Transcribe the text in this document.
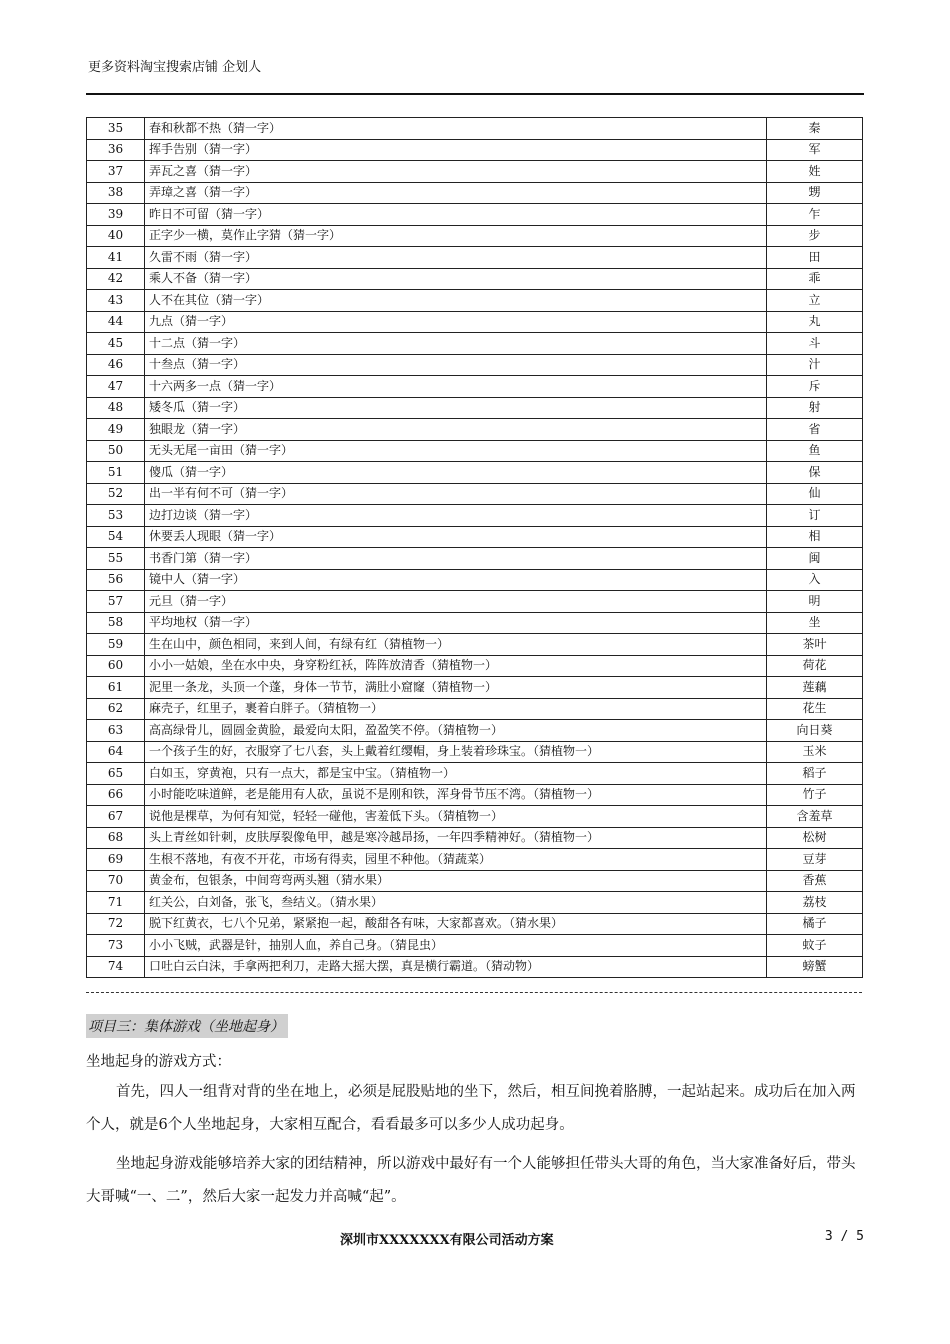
更多资料淘宝搜索店铺 企划人
35	春和秋都不热（猜一字）	秦
36	挥手告别（猜一字）	军
37	弄瓦之喜（猜一字）	姓
38	弄璋之喜（猜一字）	甥
39	昨日不可留（猜一字）	乍
40	正字少一横，莫作止字猜（猜一字）	步
41	久雷不雨（猜一字）	田
42	乘人不备（猜一字）	乖
43	人不在其位（猜一字）	立
44	九点（猜一字）	丸
45	十二点（猜一字）	斗
46	十叁点（猜一字）	汁
47	十六两多一点（猜一字）	斥
48	矮冬瓜（猜一字）	射
49	独眼龙（猜一字）	省
50	无头无尾一亩田（猜一字）	鱼
51	傻瓜（猜一字）	保
52	出一半有何不可（猜一字）	仙
53	边打边谈（猜一字）	订
54	休要丢人现眼（猜一字）	相
55	书香门第（猜一字）	闽
56	镜中人（猜一字）	入
57	元旦（猜一字）	明
58	平均地权（猜一字）	坐
59	生在山中，颜色相同，来到人间，有绿有红（猜植物一）	茶叶
60	小小一姑娘，坐在水中央，身穿粉红袄，阵阵放清香（猜植物一）	荷花
61	泥里一条龙，头顶一个蓬，身体一节节，满肚小窟窿（猜植物一）	莲藕
62	麻壳子，红里子，裹着白胖子。（猜植物一）	花生
63	高高绿骨儿，圆圆金黄脸，最爱向太阳，盈盈笑不停。（猜植物一）	向日葵
64	一个孩子生的好，衣服穿了七八套，头上戴着红缨帽，身上装着珍珠宝。（猜植物一）	玉米
65	白如玉，穿黄袍，只有一点大，都是宝中宝。（猜植物一）	稻子
66	小时能吃味道鲜，老是能用有人砍，虽说不是刚和铁，浑身骨节压不湾。（猜植物一）	竹子
67	说他是棵草，为何有知觉，轻轻一碰他，害羞低下头。（猜植物一）	含羞草
68	头上青丝如针刺，皮肤厚裂像龟甲，越是寒冷越昂扬，一年四季精神好。（猜植物一）	松树
69	生根不落地，有夜不开花，市场有得卖，园里不种他。（猜蔬菜）	豆芽
70	黄金布，包银条，中间弯弯两头翘（猜水果）	香蕉
71	红关公，白刘备，张飞，叁结义。（猜水果）	荔枝
72	脱下红黄衣，七八个兄弟，紧紧抱一起，酸甜各有味，大家都喜欢。（猜水果）	橘子
73	小小飞贼，武器是针，抽别人血，养自己身。（猜昆虫）	蚊子
74	口吐白云白沫，手拿两把利刀，走路大摇大摆，真是横行霸道。（猜动物）	螃蟹
项目三：集体游戏（坐地起身）
坐地起身的游戏方式：
首先，四人一组背对背的坐在地上，必须是屁股贴地的坐下，然后，相互间挽着胳膊，一起站起来。成功后在加入两个人，就是6个人坐地起身，大家相互配合，看看最多可以多少人成功起身。
坐地起身游戏能够培养大家的团结精神，所以游戏中最好有一个人能够担任带头大哥的角色，当大家准备好后，带头大哥喊“一、二”，然后大家一起发力并高喊“起”。
深圳市XXXXXXX有限公司活动方案	3 / 5
